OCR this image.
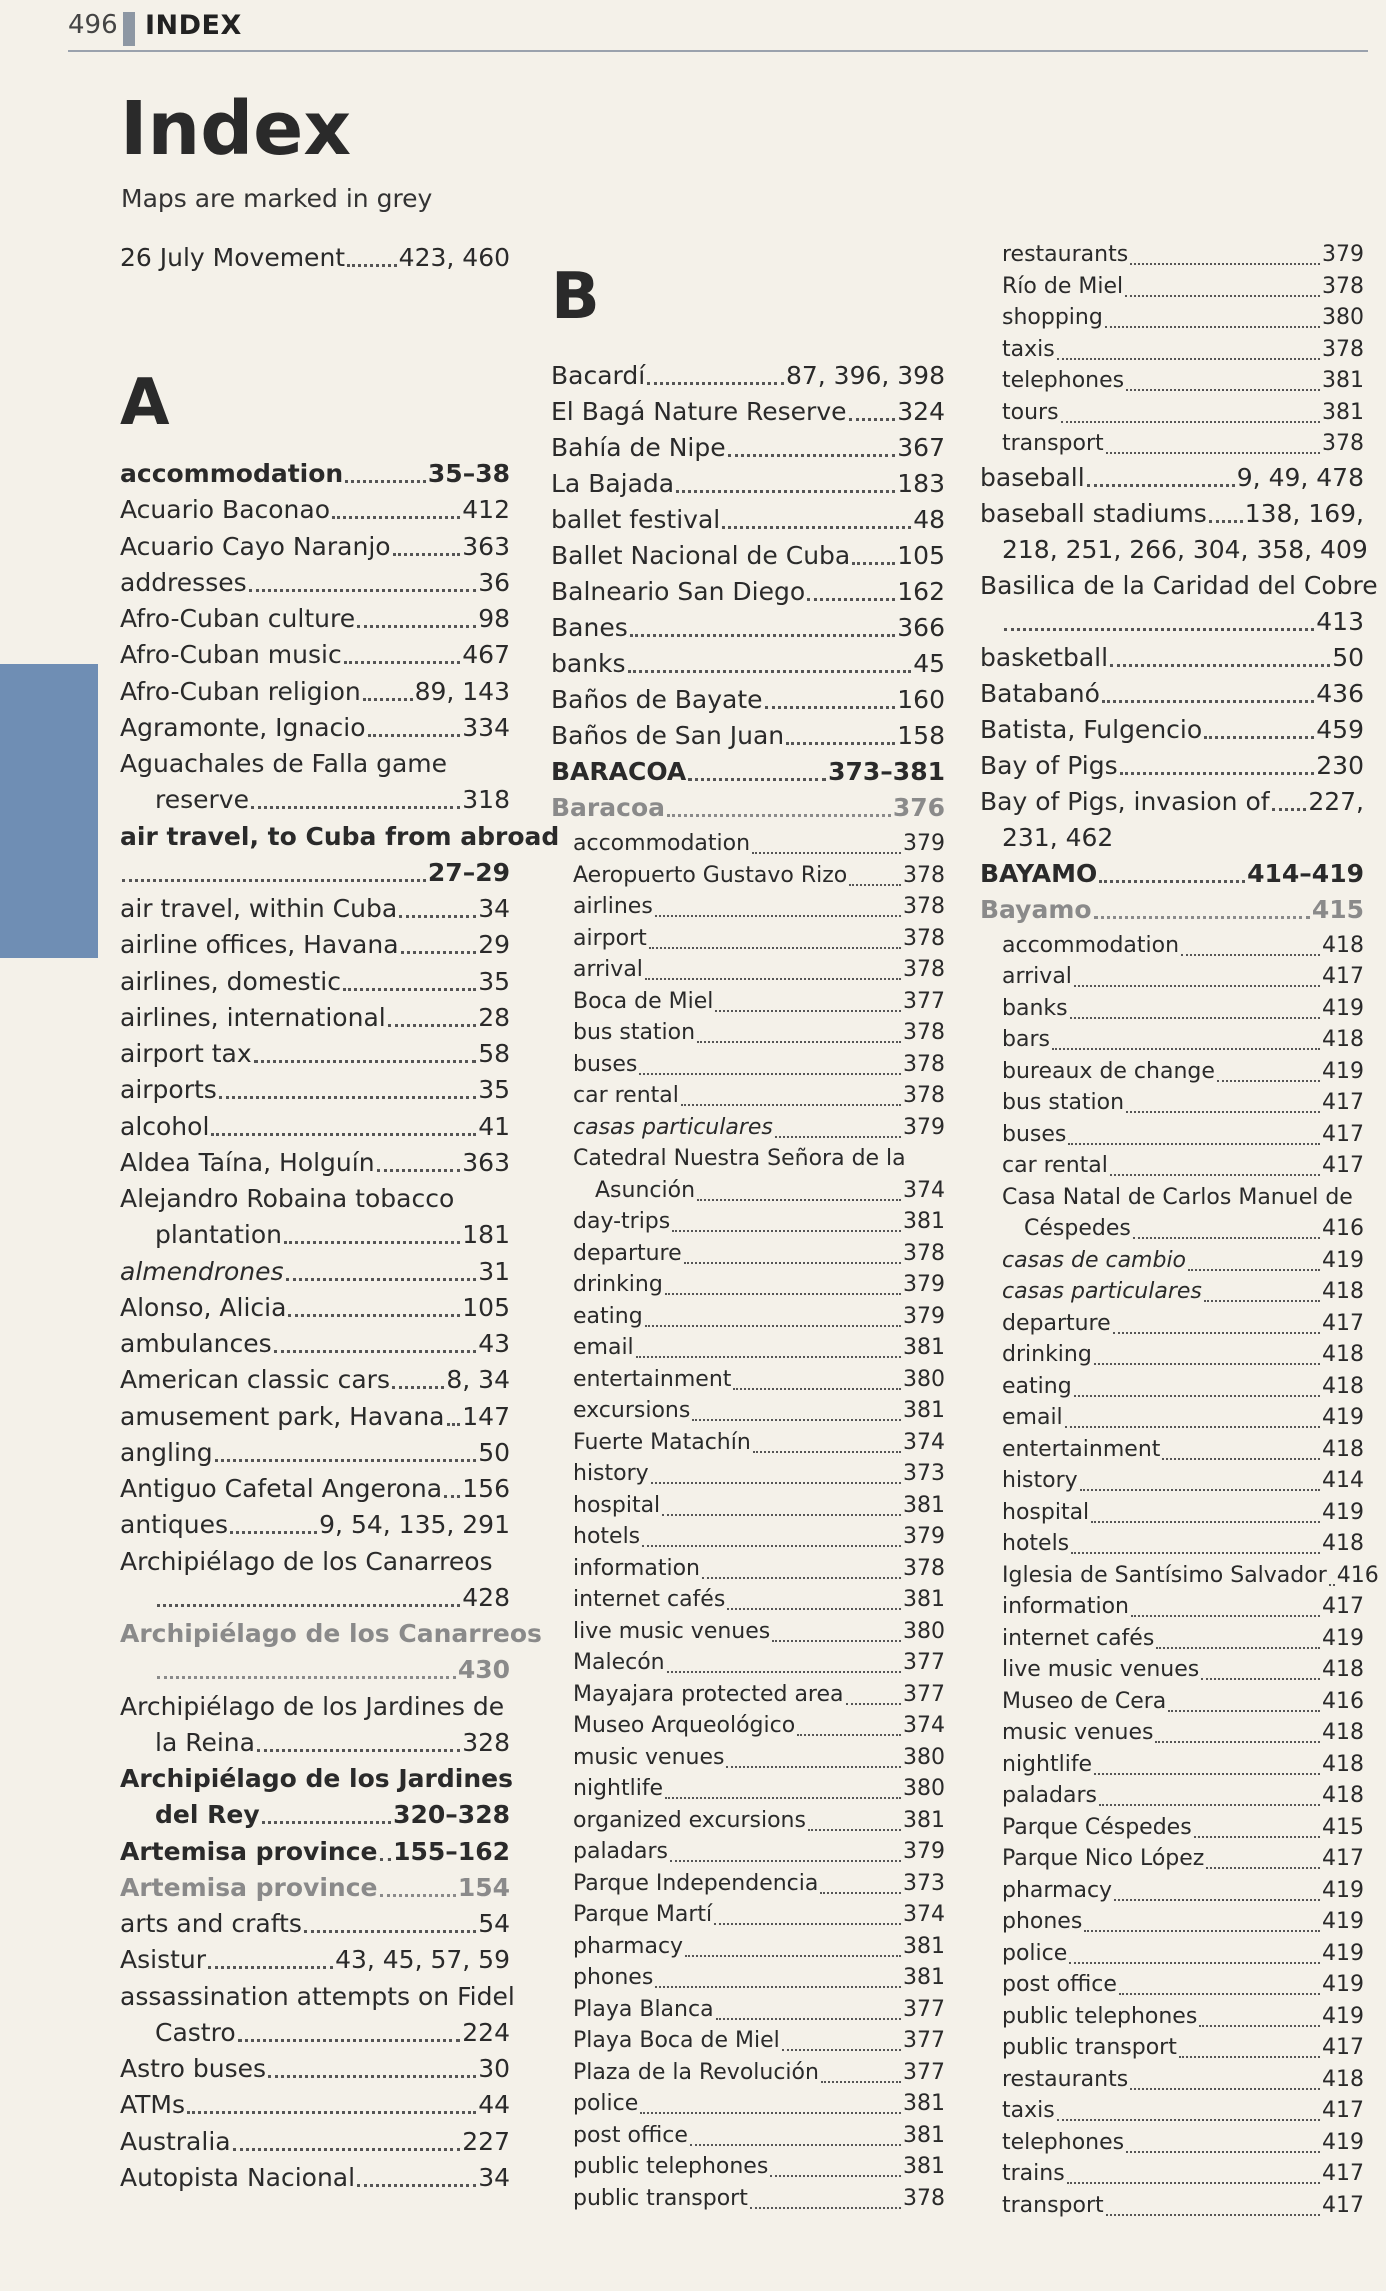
496 INDEX
Index
Maps are marked in grey
A
B
26 July Movement 423, 460
accommodation	35–38
Acuario Baconao	412
Acuario Cayo Naranjo	363
addresses	36
Afro-Cuban culture	98
Afro-Cuban music	467
Afro-Cuban religion 89, 143
Agramonte, Ignacio	334
Aguachales de Falla game
reserve	318
air travel, to Cuba from abroad
27–29
air travel, within Cuba	34
airline offices, Havana	29
airlines, domestic	35
airlines, international	28
airport tax	58
airports	35
alcohol	41
Aldea Taína, Holguín	363
Alejandro Robaina tobacco
plantation	181
almendrones	31
Alonso, Alicia	105
ambulances	43
American classic cars 8, 34
amusement park, Havana 147
angling	50
Antiguo Cafetal Angerona 156
antiques	9, 54, 135, 291
Archipiélago de los Canarreos
428
Archipiélago de los Canarreos
430
Archipiélago de los Jardines de
la Reina	328
Archipiélago de los Jardines
del Rey	320–328
Artemisa province 155–162
Artemisa province	154
arts and crafts	54
Asistur	43, 45, 57, 59
assassination attempts on Fidel
Castro	224
Astro buses	30
ATMs	44
Australia	227
Autopista Nacional	34
Bacardí	87, 396, 398
El Bagá Nature Reserve 324
Bahía de Nipe	367
La Bajada	183
ballet festival	48
Ballet Nacional de Cuba 105
Balneario San Diego	162
Banes	366
banks	45
Baños de Bayate	160
Baños de San Juan	158
BARACOA	373–381
Baracoa	376
accommodation	379
Aeropuerto Gustavo Rizo	378
airlines	378
airport	378
arrival	378
Boca de Miel	377
bus station	378
buses	378
car rental	378
casas particulares	379
Catedral Nuestra Señora de la
Asunción	374
day-trips	381
departure	378
drinking	379
eating	379
email	381
entertainment	380
excursions	381
Fuerte Matachín	374
history	373
hospital	381
hotels	379
information	378
internet cafés	381
live music venues	380
Malecón	377
Mayajara protected area	377
Museo Arqueológico	374
music venues	380
nightlife	380
organized excursions	381
paladars	379
Parque Independencia	373
Parque Martí	374
pharmacy	381
phones	381
Playa Blanca	377
Playa Boca de Miel	377
Plaza de la Revolución	377
police	381
post office	381
public telephones	381
public transport	378
restaurants	379
Río de Miel	378
shopping	380
taxis	378
telephones	381
tours	381
transport	378
baseball	9, 49, 478
baseball stadiums 138, 169,
218, 251, 266, 304, 358, 409
Basilica de la Caridad del Cobre
413
basketball	50
Batabanó	436
Batista, Fulgencio	459
Bay of Pigs	230
Bay of Pigs, invasion of 227,
231, 462
BAYAMO	414–419
Bayamo	415
accommodation	418
arrival	417
banks	419
bars	418
bureaux de change	419
bus station	417
buses	417
car rental	417
Casa Natal de Carlos Manuel de
Céspedes	416
casas de cambio	419
casas particulares	418
departure	417
drinking	418
eating	418
email	419
entertainment	418
history	414
hospital	419
hotels	418
Iglesia de Santísimo Salvador 416
information	417
internet cafés	419
live music venues	418
Museo de Cera	416
music venues	418
nightlife	418
paladars	418
Parque Céspedes	415
Parque Nico López	417
pharmacy	419
phones	419
police	419
post office	419
public telephones	419
public transport	417
restaurants	418
taxis	417
telephones	419
trains	417
transport	417
